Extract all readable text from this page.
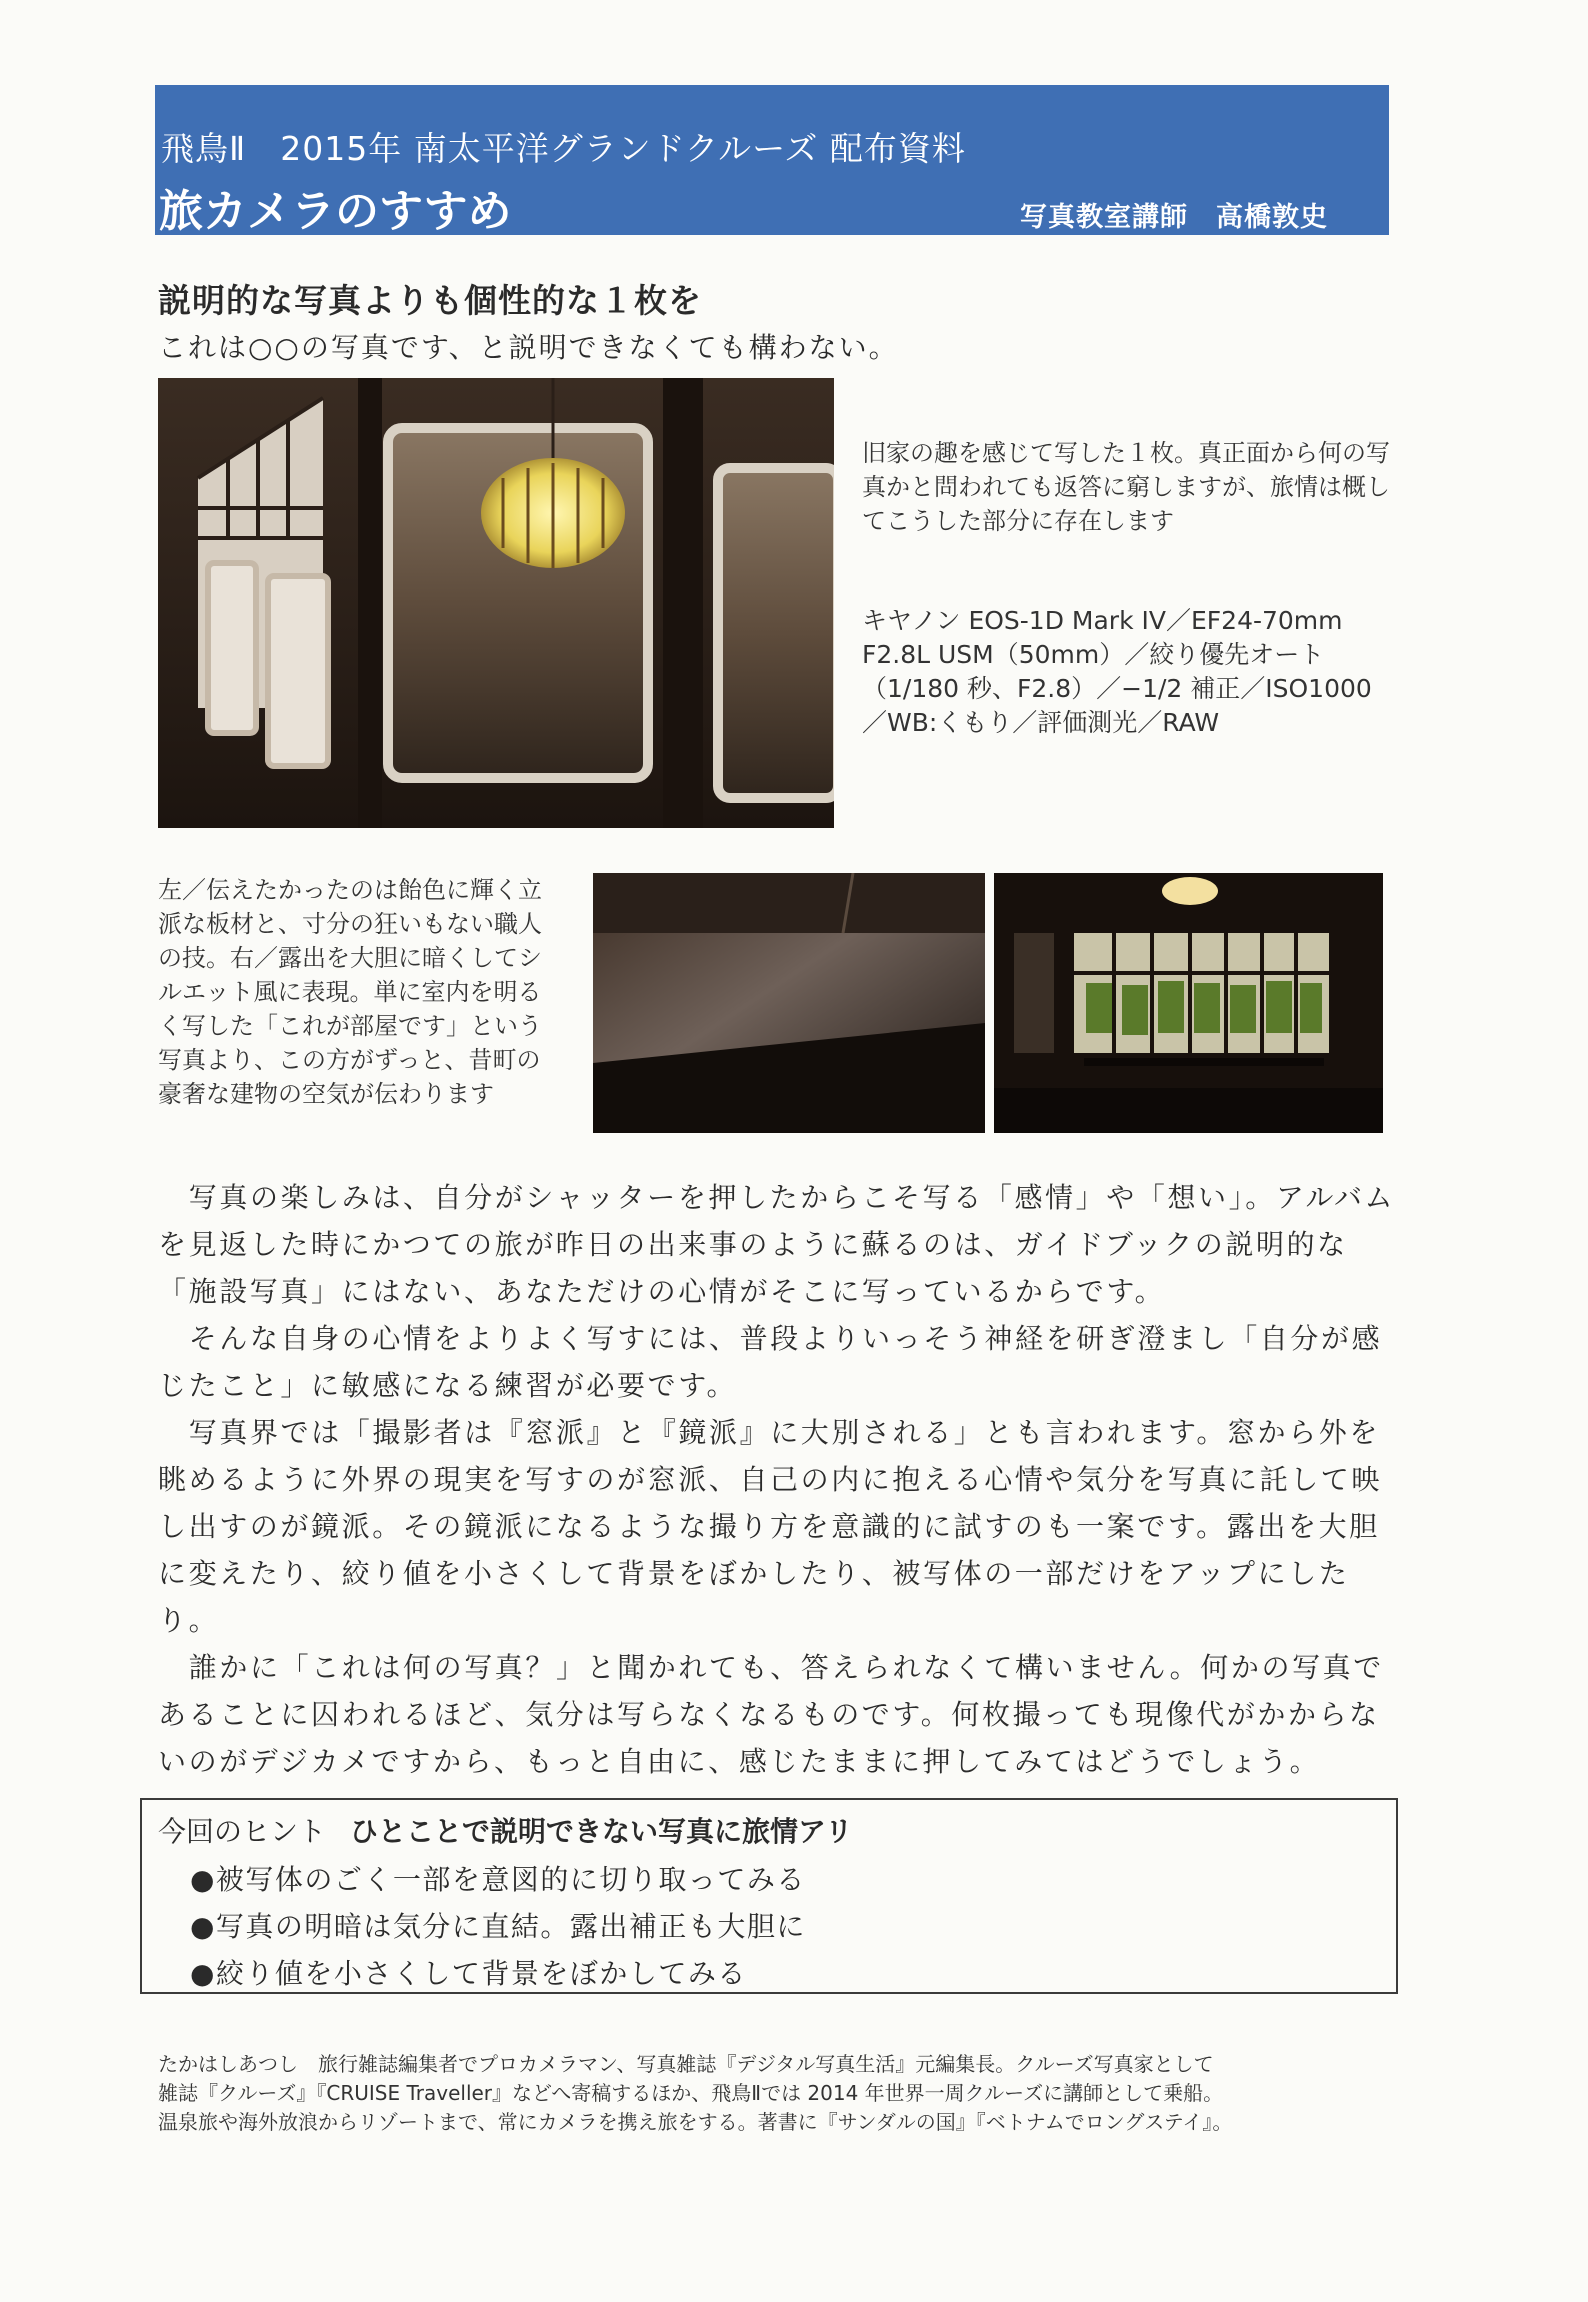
飛鳥Ⅱ　2015年 南太平洋グランドクルーズ 配布資料
旅カメラのすすめ	写真教室講師　高橋敦史
説明的な写真よりも個性的な１枚を
これは○○の写真です、と説明できなくても構わない。
旧家の趣を感じて写した１枚。真正面から何の写真かと問われても返答に窮しますが、旅情は概してこうした部分に存在します
キヤノン EOS-1D Mark IV／EF24-70mm F2.8L USM（50mm）／絞り優先オート（1/180 秒、F2.8）／−1/2 補正／ISO1000／WB:くもり／評価測光／RAW
左／伝えたかったのは飴色に輝く立派な板材と、寸分の狂いもない職人の技。右／露出を大胆に暗くしてシルエット風に表現。単に室内を明るく写した「これが部屋です」という写真より、この方がずっと、昔町の豪奢な建物の空気が伝わります

写真の楽しみは、自分がシャッターを押したからこそ写る「感情」や「想い」。アルバムを見返した時にかつての旅が昨日の出来事のように蘇るのは、ガイドブックの説明的な「施設写真」にはない、あなただけの心情がそこに写っているからです。

そんな自身の心情をよりよく写すには、普段よりいっそう神経を研ぎ澄まし「自分が感じたこと」に敏感になる練習が必要です。

写真界では「撮影者は『窓派』と『鏡派』に大別される」とも言われます。窓から外を眺めるように外界の現実を写すのが窓派、自己の内に抱える心情や気分を写真に託して映し出すのが鏡派。その鏡派になるような撮り方を意識的に試すのも一案です。露出を大胆に変えたり、絞り値を小さくして背景をぼかしたり、被写体の一部だけをアップにしたり。

誰かに「これは何の写真？」と聞かれても、答えられなくて構いません。何かの写真であることに囚われるほど、気分は写らなくなるものです。何枚撮っても現像代がかからないのがデジカメですから、もっと自由に、感じたままに押してみてはどうでしょう。

今回のヒント ひとことで説明できない写真に旅情アリ
●被写体のごく一部を意図的に切り取ってみる
●写真の明暗は気分に直結。露出補正も大胆に
●絞り値を小さくして背景をぼかしてみる
たかはしあつし　旅行雑誌編集者でプロカメラマン、写真雑誌『デジタル写真生活』元編集長。クルーズ写真家として
雑誌『クルーズ』『CRUISE Traveller』などへ寄稿するほか、飛鳥Ⅱでは 2014 年世界一周クルーズに講師として乗船。
温泉旅や海外放浪からリゾートまで、常にカメラを携え旅をする。著書に『サンダルの国』『ベトナムでロングステイ』。
